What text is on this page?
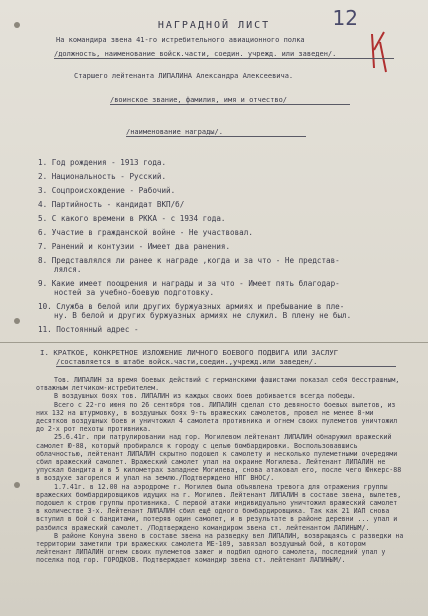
12
НАГРАДНОЙ ЛИСТ
На командира звена 41-го истребительного авиационного полка
/должность, наименование войск.части, соедин. учрежд. или заведен/.
Старшего лейтенанта ЛИПАЛИНА Александра Алексеевича.
/воинское звание, фамилия, имя и отчество/
/наименование награды/.
1. Год рождения - 1913 года.
2. Национальность - Русский.
3. Соцпроисхождение - Рабочий.
4. Партийность - кандидат ВКП/б/
5. С какого времени в РККА - с 1934 года.
6. Участие в гражданской войне - Не участвовал.
7. Ранений и контузии - Имеет два ранения.
8. Представлялся ли ранее к награде ,когда и за что - Не представ-
лялся.
9. Какие имеет поощрения и награды и за что - Имеет пять благодар-
ностей за учебно-боевую подготовку.
10. Служба в белой или других буржуазных армиях и пребывание в пле-
ну. В белой и других буржуазных армиях не служил. В плену не был.
11. Постоянный адрес -
I. КРАТКОЕ, КОНКРЕТНОЕ ИЗЛОЖЕНИЕ ЛИЧНОГО БОЕВОГО ПОДВИГА ИЛИ ЗАСЛУГ
/составляется в штабе войск.части,соедин.,учрежд.или заведен/.

Тов. ЛИПАЛИН за время боевых действий с германскими фашистами показал себя бесстрашным, отважным летчиком-истребителем.

В воздушных боях тов. ЛИПАЛИН из каждых своих боев добивается всегда победы.

Всего с 22-го июня по 26 сентября тов. ЛИПАЛИН сделал сто девяносто боевых вылетов, из них 132 на штурмовку, в воздушных боях 9-ть вражеских самолетов, провел не менее 8-ми десятков воздушных боев и уничтожил 4 самолета противника и огнем своих пулеметов уничтожил до 2-х рот пехоты противника.

25.6.41г. при патрулировании над гор. Могилевом лейтенант ЛИПАЛИН обнаружил вражеский самолет Ю-88, который пробирался к городу с целью бомбардировки. Воспользовавшись облачностью, лейтенант ЛИПАЛИН скрытно подошел к самолету и несколько пулеметными очередями сбил вражеский самолет. Вражеский самолет упал на окраине Могилева. Лейтенант ЛИПАЛИН не упускал бандита и в 5 километрах западнее Могилева, снова атаковал его, после чего Юнкерс-88 в воздухе загорелся и упал на землю./Подтверждено НПГ ВНОС/.

1.7.41г. в 12.00 на аэродроме г. Могилев была объявлена тревога для отражения группы вражеских бомбардировщиков идущих на г. Могилев. Лейтенант ЛИПАЛИН в составе звена, вылетев, подошел к строю группы противника. С первой атаки индивидуально уничтожил вражеский самолет в количестве 3-х. Лейтенант ЛИПАЛИН сбил ещё одного бомбардировщика. Так как 21 ИАП снова вступил в бой с бандитами, потеряв один самолет, и в результате в районе деревни ... упал и разбился вражеский самолет. /Подтверждено командиром звена ст. лейтенантом ЛАПИНЫМ/.

В районе Конуна звено в составе звена на разведку вел ЛИПАЛИН, возвращаясь с разведки на территории заметили три вражеских самолета МЕ-109, завязал воздушный бой, в котором лейтенант ЛИПАЛИН огнем своих пулеметов зажег и подбил одного самолета, последний упал у поселка под гор. ГОРОДКОВ. Подтверждает командир звена ст. лейтенант ЛАПИНЫМ/.
